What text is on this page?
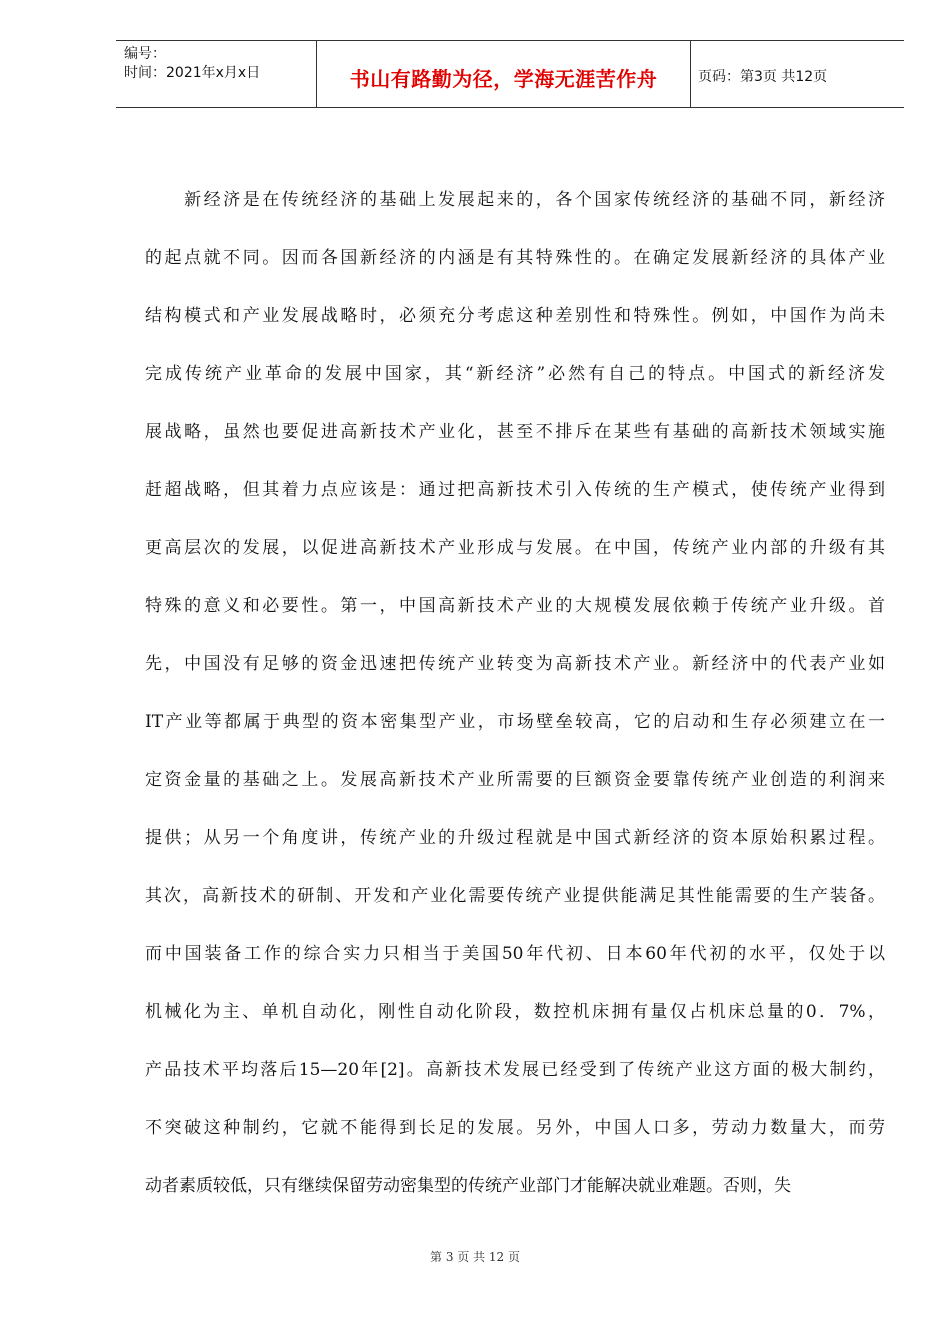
编号：
时间：2021年x月x日	书山有路勤为径，学海无涯苦作舟	页码：第3页 共12页
　　新经济是在传统经济的基础上发展起来的，各个国家传统经济的基础不同，新经济
的起点就不同。因而各国新经济的内涵是有其特殊性的。在确定发展新经济的具体产业
结构模式和产业发展战略时，必须充分考虑这种差别性和特殊性。例如，中国作为尚未
完成传统产业革命的发展中国家，其“新经济”必然有自己的特点。中国式的新经济发
展战略，虽然也要促进高新技术产业化，甚至不排斥在某些有基础的高新技术领域实施
赶超战略，但其着力点应该是：通过把高新技术引入传统的生产模式，使传统产业得到
更高层次的发展，以促进高新技术产业形成与发展。在中国，传统产业内部的升级有其
特殊的意义和必要性。第一，中国高新技术产业的大规模发展依赖于传统产业升级。首
先，中国没有足够的资金迅速把传统产业转变为高新技术产业。新经济中的代表产业如
IT产业等都属于典型的资本密集型产业，市场壁垒较高，它的启动和生存必须建立在一
定资金量的基础之上。发展高新技术产业所需要的巨额资金要靠传统产业创造的利润来
提供；从另一个角度讲，传统产业的升级过程就是中国式新经济的资本原始积累过程。
其次，高新技术的研制、开发和产业化需要传统产业提供能满足其性能需要的生产装备。
而中国装备工作的综合实力只相当于美国50年代初、日本60年代初的水平，仅处于以
机械化为主、单机自动化，刚性自动化阶段，数控机床拥有量仅占机床总量的0．7%，
产品技术平均落后15—20年[2]。高新技术发展已经受到了传统产业这方面的极大制约，
不突破这种制约，它就不能得到长足的发展。另外，中国人口多，劳动力数量大，而劳
动者素质较低，只有继续保留劳动密集型的传统产业部门才能解决就业难题。否则，失
第 3 页 共 12 页
